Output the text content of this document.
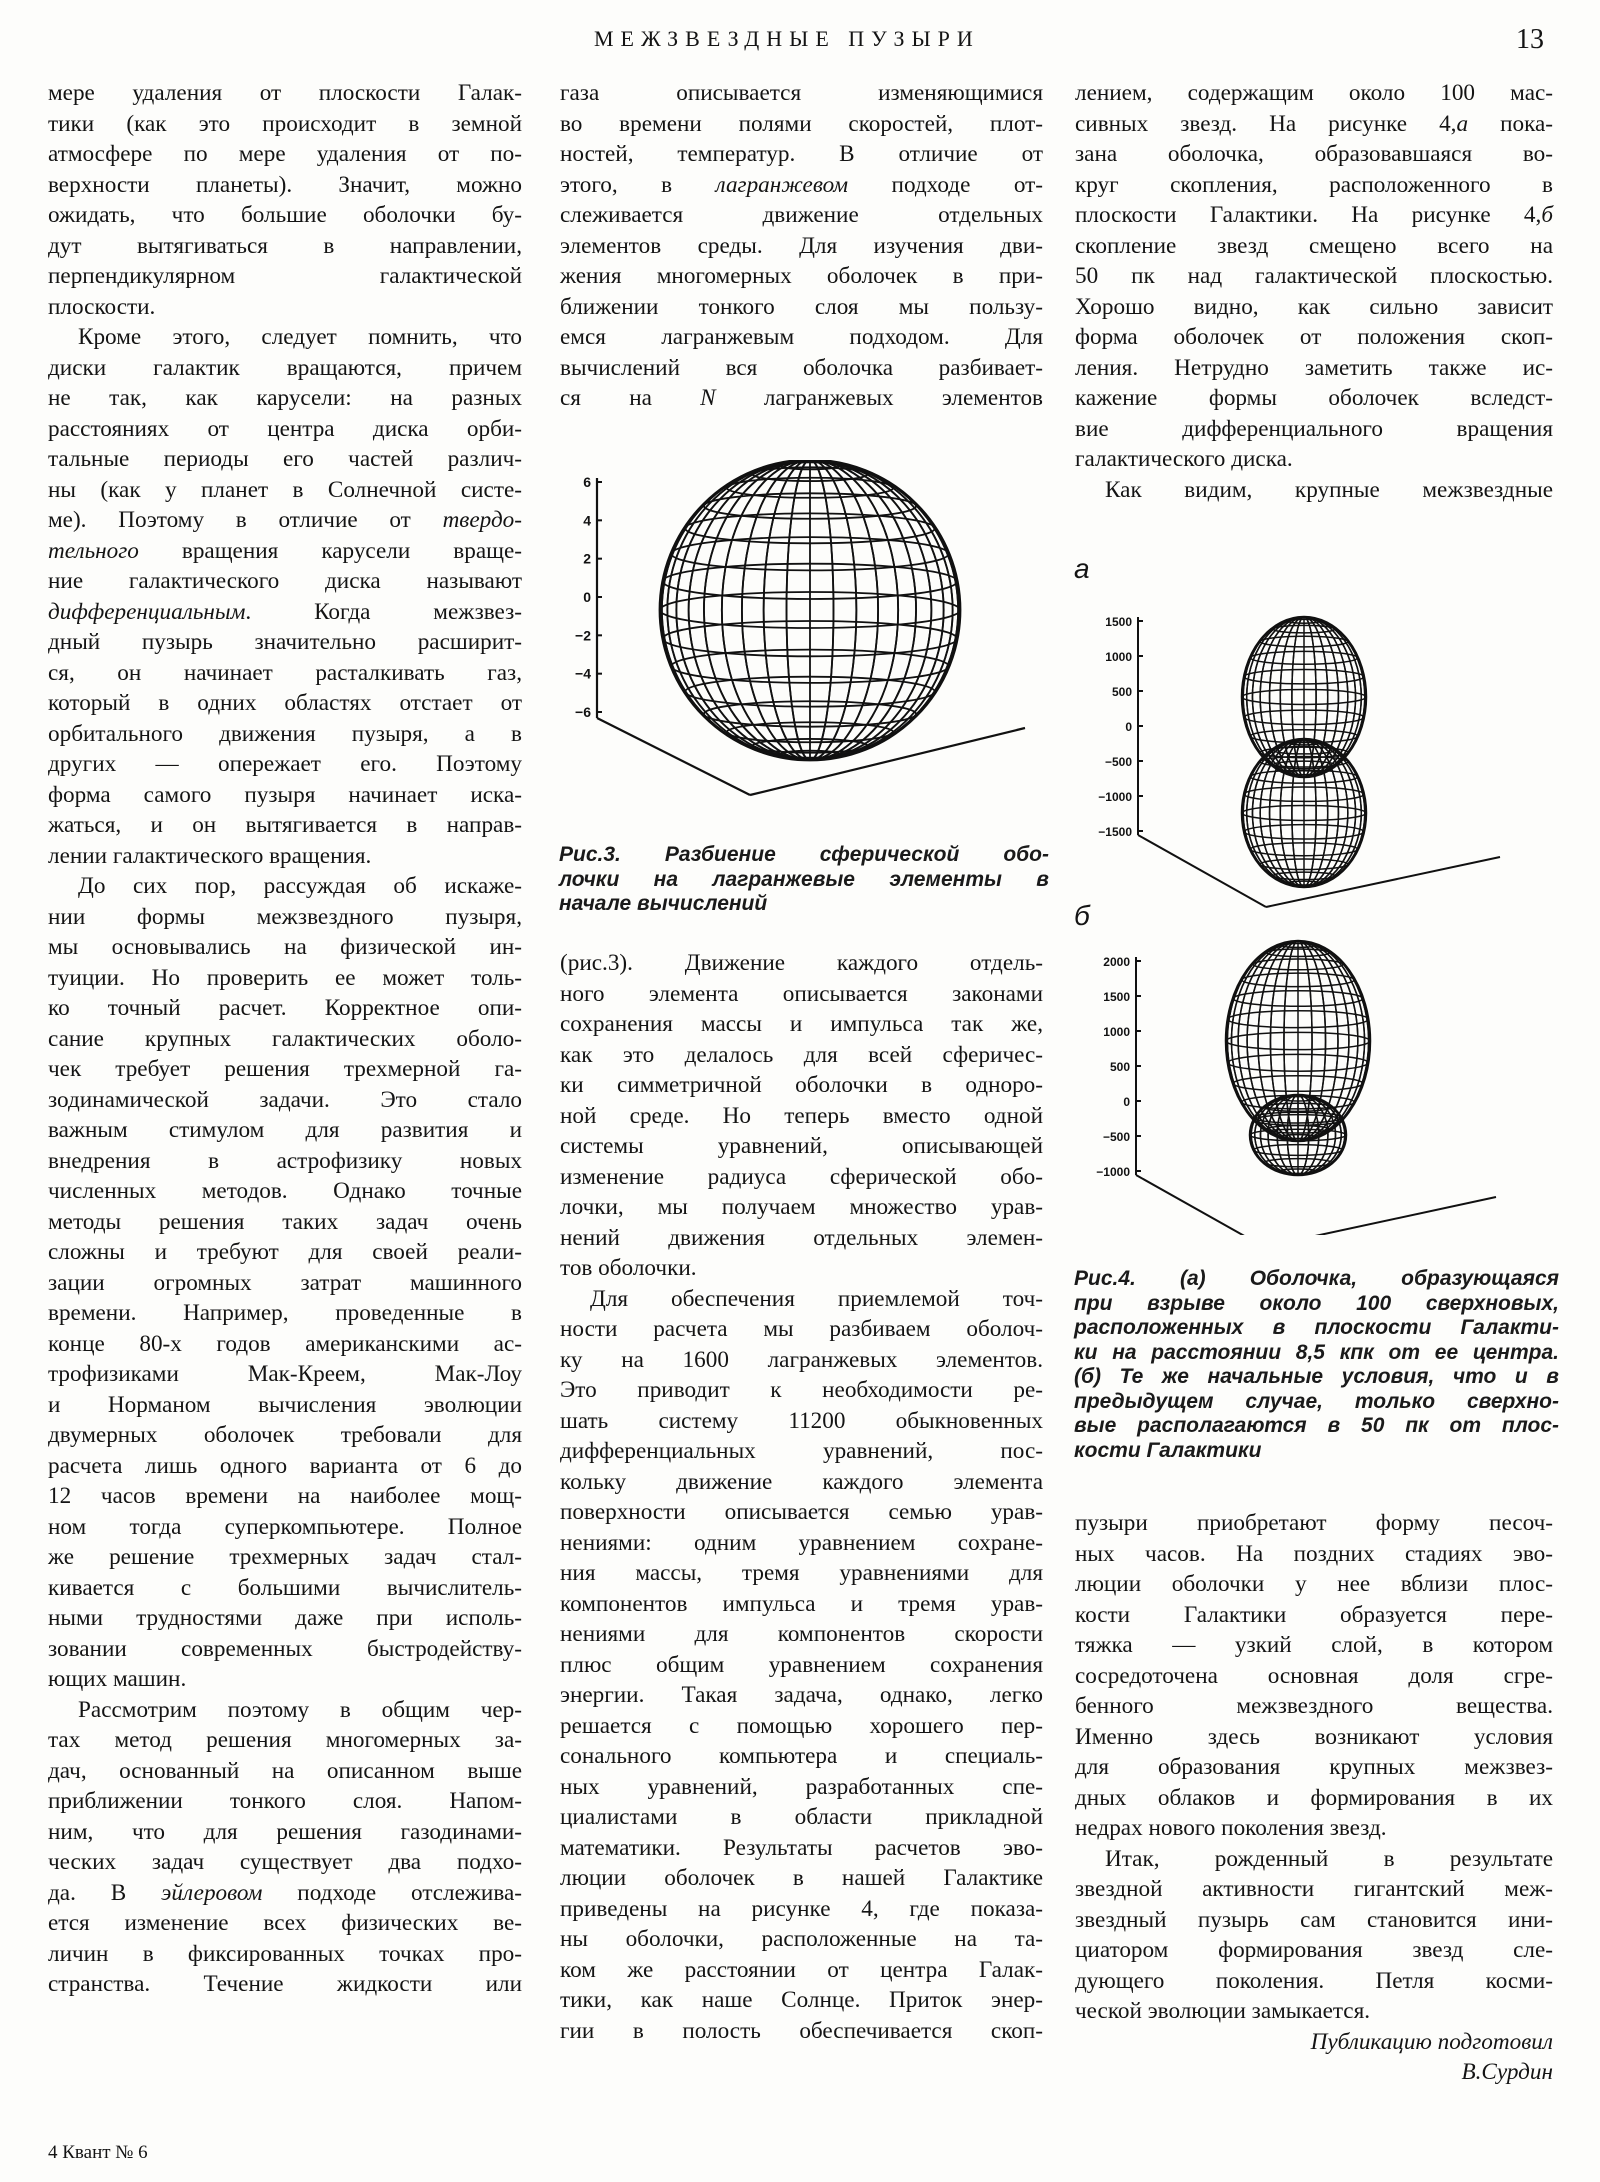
МЕЖЗВЕЗДНЫЕ ПУЗЫРИ	13
мере удаления от плоскости Галак-
тики (как это происходит в земной
атмосфере по мере удаления от по-
верхности планеты). Значит, можно
ожидать, что большие оболочки бу-
дут вытягиваться в направлении,
перпендикулярном галактической
плоскости.
Кроме этого, следует помнить, что
диски галактик вращаются, причем
не так, как карусели: на разных
расстояниях от центра диска орби-
тальные периоды его частей различ-
ны (как у планет в Солнечной систе-
ме). Поэтому в отличие от твердо-
тельного вращения карусели враще-
ние галактического диска называют
дифференциальным. Когда межзвез-
дный пузырь значительно расширит-
ся, он начинает расталкивать газ,
который в одних областях отстает от
орбитального движения пузыря, а в
других — опережает его. Поэтому
форма самого пузыря начинает иска-
жаться, и он вытягивается в направ-
лении галактического вращения.
До сих пор, рассуждая об искаже-
нии формы межзвездного пузыря,
мы основывались на физической ин-
туиции. Но проверить ее может толь-
ко точный расчет. Корректное опи-
сание крупных галактических оболо-
чек требует решения трехмерной га-
зодинамической задачи. Это стало
важным стимулом для развития и
внедрения в астрофизику новых
численных методов. Однако точные
методы решения таких задач очень
сложны и требуют для своей реали-
зации огромных затрат машинного
времени. Например, проведенные в
конце 80-х годов американскими ас-
трофизиками Мак-Креем, Мак-Лоу
и Норманом вычисления эволюции
двумерных оболочек требовали для
расчета лишь одного варианта от 6 до
12 часов времени на наиболее мощ-
ном тогда суперкомпьютере. Полное
же решение трехмерных задач стал-
кивается с большими вычислитель-
ными трудностями даже при исполь-
зовании современных быстродейству-
ющих машин.
Рассмотрим поэтому в общим чер-
тах метод решения многомерных за-
дач, основанный на описанном выше
приближении тонкого слоя. Напом-
ним, что для решения газодинами-
ческих задач существует два подхо-
да. В эйлеровом подходе отслежива-
ется изменение всех физических ве-
личин в фиксированных точках про-
странства. Течение жидкости или
газа описывается изменяющимися
во времени полями скоростей, плот-
ностей, температур. В отличие от
этого, в лагранжевом подходе от-
слеживается движение отдельных
элементов среды. Для изучения дви-
жения многомерных оболочек в при-
ближении тонкого слоя мы пользу-
емся лагранжевым подходом. Для
вычислений вся оболочка разбивает-
ся на N лагранжевых элементов
6
4
2
0
−2
−4
−6
Рис.3. Разбиение сферической обо-
лочки на лагранжевые элементы в
начале вычислений
(рис.3). Движение каждого отдель-
ного элемента описывается законами
сохранения массы и импульса так же,
как это делалось для всей сферичес-
ки симметричной оболочки в одноро-
ной среде. Но теперь вместо одной
системы уравнений, описывающей
изменение радиуса сферической обо-
лочки, мы получаем множество урав-
нений движения отдельных элемен-
тов оболочки.
Для обеспечения приемлемой точ-
ности расчета мы разбиваем оболоч-
ку на 1600 лагранжевых элементов.
Это приводит к необходимости ре-
шать систему 11200 обыкновенных
дифференциальных уравнений, пос-
кольку движение каждого элемента
поверхности описывается семью урав-
нениями: одним уравнением сохране-
ния массы, тремя уравнениями для
компонентов импульса и тремя урав-
нениями для компонентов скорости
плюс общим уравнением сохранения
энергии. Такая задача, однако, легко
решается с помощью хорошего пер-
сонального компьютера и специаль-
ных уравнений, разработанных спе-
циалистами в области прикладной
математики. Результаты расчетов эво-
люции оболочек в нашей Галактике
приведены на рисунке 4, где показа-
ны оболочки, расположенные на та-
ком же расстоянии от центра Галак-
тики, как наше Солнце. Приток энер-
гии в полость обеспечивается скоп-
лением, содержащим около 100 мас-
сивных звезд. На рисунке 4,а пока-
зана оболочка, образовавшаяся во-
круг скопления, расположенного в
плоскости Галактики. На рисунке 4,б
скопление звезд смещено всего на
50 пк над галактической плоскостью.
Хорошо видно, как сильно зависит
форма оболочек от положения скоп-
ления. Нетрудно заметить также ис-
кажение формы оболочек вследст-
вие дифференциального вращения
галактического диска.
Как видим, крупные межзвездные
а
1500
1000
500
0
−500
−1000
−1500
б
2000
1500
1000
500
0
−500
−1000
Рис.4. (а) Оболочка, образующаяся
при взрыве около 100 сверхновых,
расположенных в плоскости Галакти-
ки на расстоянии 8,5 кпк от ее центра.
(б) Те же начальные условия, что и в
предыдущем случае, только сверхно-
вые располагаются в 50 пк от плос-
кости Галактики
пузыри приобретают форму песоч-
ных часов. На поздних стадиях эво-
люции оболочки у нее вблизи плос-
кости Галактики образуется пере-
тяжка — узкий слой, в котором
сосредоточена основная доля сгре-
бенного межзвездного вещества.
Именно здесь возникают условия
для образования крупных межзвез-
дных облаков и формирования в их
недрах нового поколения звезд.
Итак, рожденный в результате
звездной активности гигантский меж-
звездный пузырь сам становится ини-
циатором формирования звезд сле-
дующего поколения. Петля косми-
ческой эволюции замыкается.
Публикацию подготовил
В.Сурдин
4 Квант № 6
